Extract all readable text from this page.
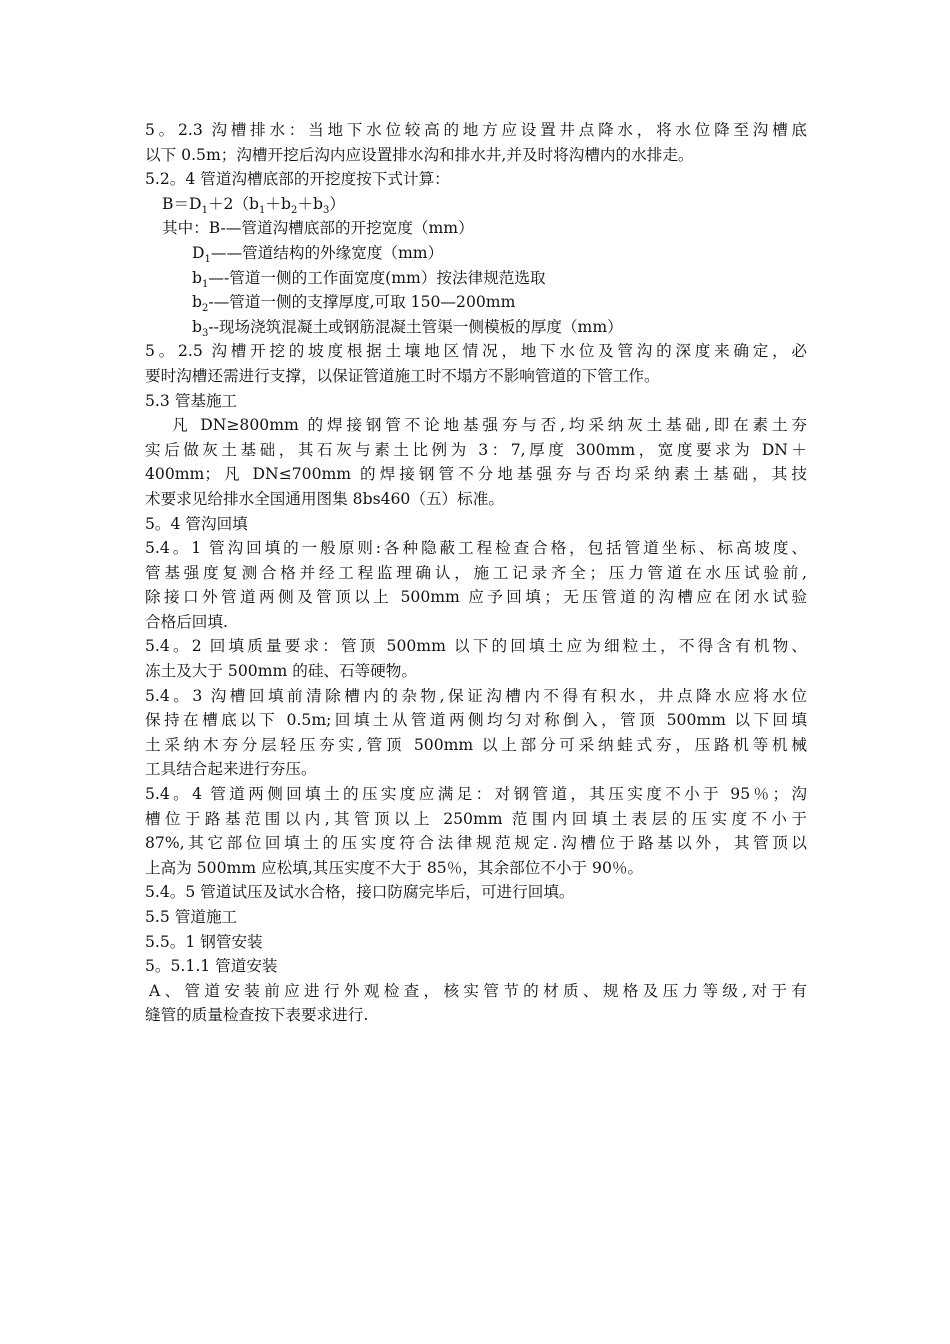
5。2.3 沟槽排水：当地下水位较高的地方应设置井点降水，将水位降至沟槽底
以下 0.5m；沟槽开挖后沟内应设置排水沟和排水井,并及时将沟槽内的水排走。
5.2。4 管道沟槽底部的开挖度按下式计算：
$B=D_1+2(b_1+b_2+b_3)$
其中：B-—管道沟槽底部的开挖宽度（mm）
$D_1——$管道结构的外缘宽度（mm）
$b_1—-$管道一侧的工作面宽度(mm）按法律规范选取
$b_2-—$管道一侧的支撑厚度,可取 150—200mm
$b_3--$现场浇筑混凝土或钢筋混凝土管渠一侧模板的厚度（mm）
5。2.5 沟槽开挖的坡度根据土壤地区情况，地下水位及管沟的深度来确定，必
要时沟槽还需进行支撑，以保证管道施工时不塌方不影响管道的下管工作。
5.3 管基施工
凡 DN≥800mm 的焊接钢管不论地基强夯与否,均采纳灰土基础,即在素土夯
实后做灰土基础，其石灰与素土比例为 3：7,厚度 300mm，宽度要求为 DN＋
400mm；凡 DN≤700mm 的焊接钢管不分地基强夯与否均采纳素土基础，其技
术要求见给排水全国通用图集 8bs460（五）标准。
5。4 管沟回填
5.4。1 管沟回填的一般原则:各种隐蔽工程检查合格，包括管道坐标、标高坡度、
管基强度复测合格并经工程监理确认，施工记录齐全；压力管道在水压试验前,
除接口外管道两侧及管顶以上 500mm 应予回填；无压管道的沟槽应在闭水试验
合格后回填.
5.4。2 回填质量要求：管顶 500mm 以下的回填土应为细粒土，不得含有机物、
冻土及大于 500mm 的硅、石等硬物。
5.4。3 沟槽回填前清除槽内的杂物,保证沟槽内不得有积水，井点降水应将水位
保持在槽底以下 0.5m;回填土从管道两侧均匀对称倒入，管顶 500mm 以下回填
土采纳木夯分层轻压夯实,管顶 500mm 以上部分可采纳蛙式夯，压路机等机械
工具结合起来进行夯压。
5.4。4 管道两侧回填土的压实度应满足：对钢管道，其压实度不小于 95％；沟
槽位于路基范围以内,其管顶以上 250mm 范围内回填土表层的压实度不小于
87%,其它部位回填土的压实度符合法律规范规定.沟槽位于路基以外，其管顶以
上高为 500mm 应松填,其压实度不大于 85％，其余部位不小于 90％。
5.4。5 管道试压及试水合格，接口防腐完毕后，可进行回填。
5.5 管道施工
5.5。1 钢管安装
5。5.1.1 管道安装
A、管道安装前应进行外观检查，核实管节的材质、规格及压力等级,对于有
缝管的质量检查按下表要求进行.
